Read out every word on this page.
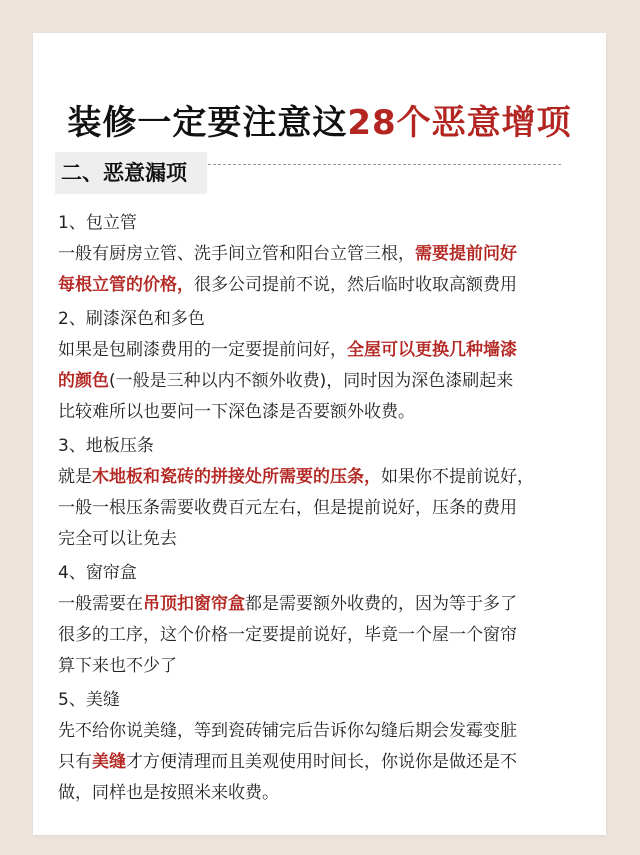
装修一定要注意这28个恶意增项
二、恶意漏项
1、包立管
一般有厨房立管、洗手间立管和阳台立管三根，需要提前问好
每根立管的价格，很多公司提前不说，然后临时收取高额费用
2、刷漆深色和多色
如果是包刷漆费用的一定要提前问好，全屋可以更换几种墙漆
的颜色(一般是三种以内不额外收费)，同时因为深色漆刷起来
比较难所以也要问一下深色漆是否要额外收费。
3、地板压条
就是木地板和瓷砖的拼接处所需要的压条，如果你不提前说好，
一般一根压条需要收费百元左右，但是提前说好，压条的费用
完全可以让免去
4、窗帘盒
一般需要在吊顶扣窗帘盒都是需要额外收费的，因为等于多了
很多的工序，这个价格一定要提前说好，毕竟一个屋一个窗帘
算下来也不少了
5、美缝
先不给你说美缝，等到瓷砖铺完后告诉你勾缝后期会发霉变脏
只有美缝才方便清理而且美观使用时间长，你说你是做还是不
做，同样也是按照米来收费。
